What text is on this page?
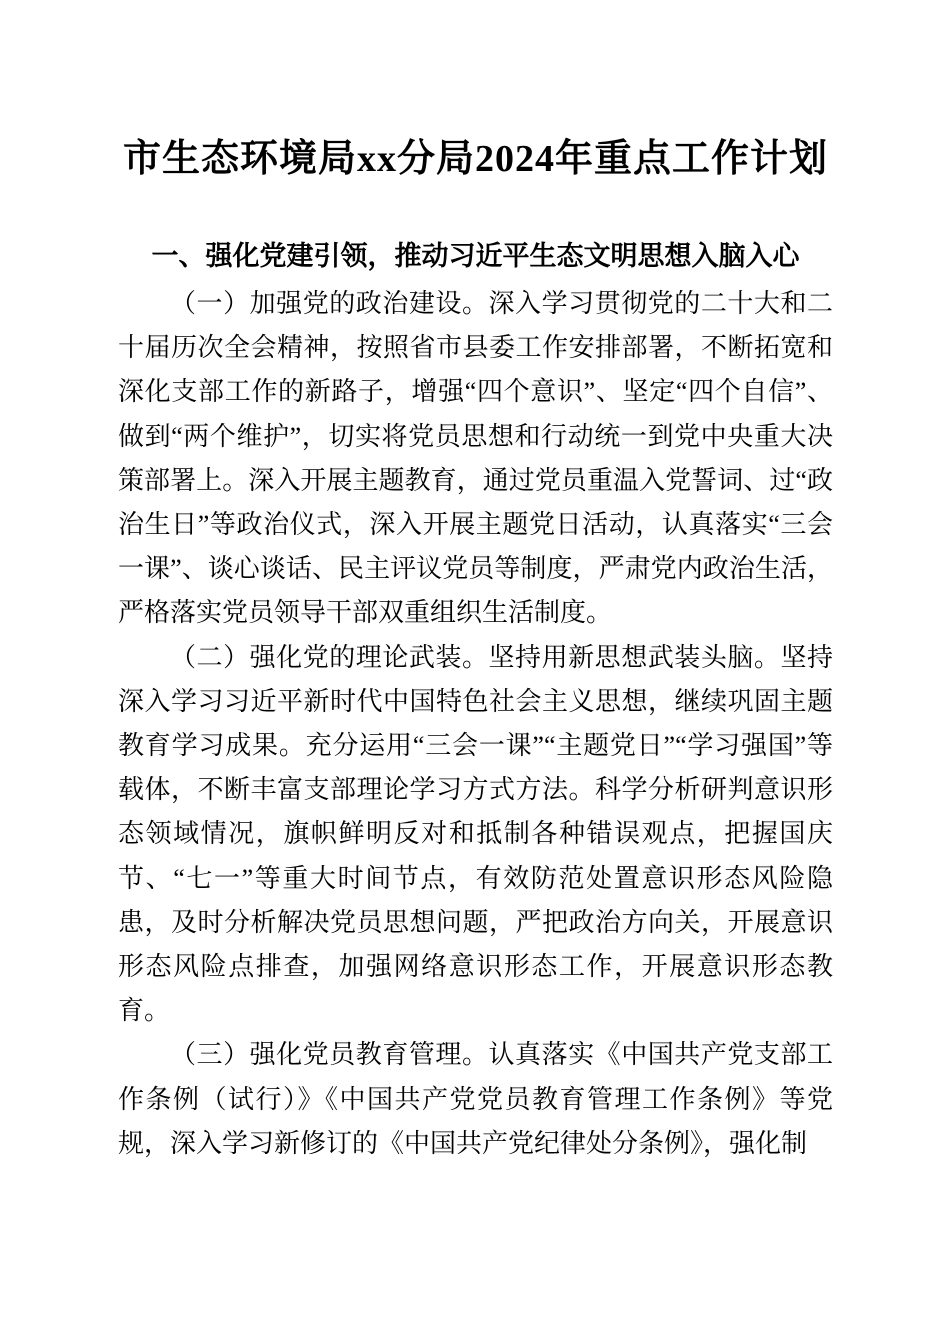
市生态环境局xx分局2024年重点工作计划
一、强化党建引领，推动习近平生态文明思想入脑入心

（一）加强党的政治建设。深入学习贯彻党的二十大和二十届历次全会精神，按照省市县委工作安排部署，不断拓宽和深化支部工作的新路子，增强“四个意识”、坚定“四个自信”、做到“两个维护”，切实将党员思想和行动统一到党中央重大决策部署上。深入开展主题教育，通过党员重温入党誓词、过“政治生日”等政治仪式，深入开展主题党日活动，认真落实“三会一课”、谈心谈话、民主评议党员等制度，严肃党内政治生活，严格落实党员领导干部双重组织生活制度。

（二）强化党的理论武装。坚持用新思想武装头脑。坚持深入学习习近平新时代中国特色社会主义思想，继续巩固主题教育学习成果。充分运用“三会一课”“主题党日”“学习强国”等载体，不断丰富支部理论学习方式方法。科学分析研判意识形态领域情况，旗帜鲜明反对和抵制各种错误观点，把握国庆节、“七一”等重大时间节点，有效防范处置意识形态风险隐患，及时分析解决党员思想问题，严把政治方向关，开展意识形态风险点排查，加强网络意识形态工作，开展意识形态教育。

（三）强化党员教育管理。认真落实《中国共产党支部工作条例（试行）》《中国共产党党员教育管理工作条例》等党规，深入学习新修订的《中国共产党纪律处分条例》，强化制
